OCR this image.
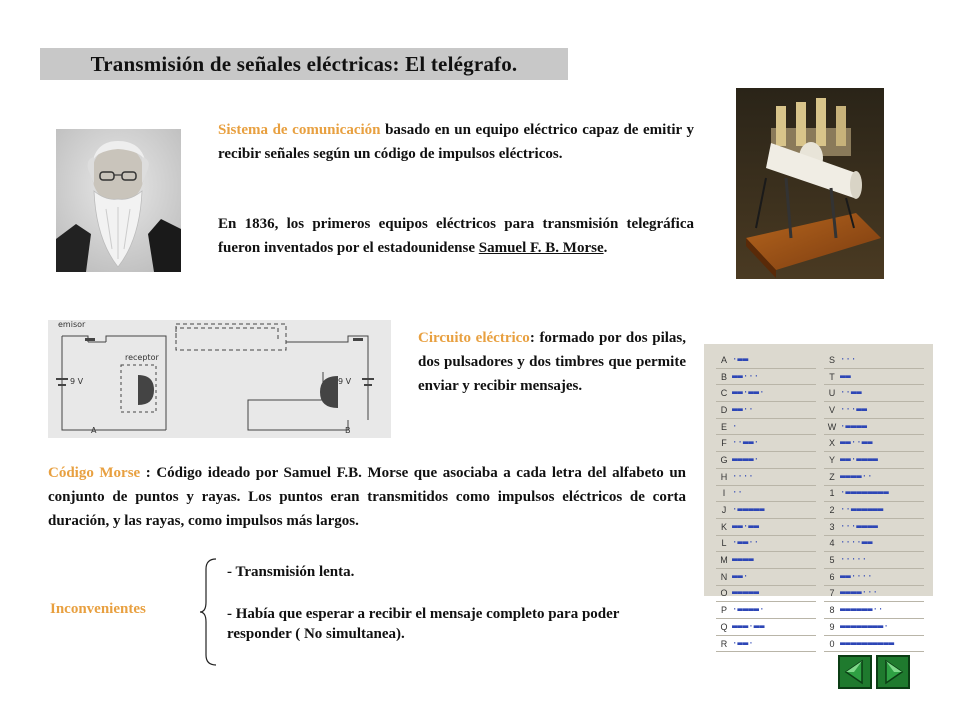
Transmisión de señales eléctricas: El telégrafo.

Sistema de comunicación basado en un equipo eléctrico capaz de emitir y recibir señales según un código de impulsos eléctricos.

En 1836, los primeros equipos eléctricos para transmisión telegráfica fueron inventados por el estadounidense Samuel F. B. Morse.

emisor
receptor
9 V	9 V
A	B

Circuito eléctrico: formado por dos pilas, dos pulsadores y dos timbres que permite enviar y recibir mensajes.

Código Morse : Código ideado por Samuel F.B. Morse que asociaba a cada letra del alfabeto un conjunto de puntos y rayas. Los puntos eran transmitidos como impulsos eléctricos de corta duración, y las rayas, como impulsos más largos.

Inconvenientes

- Transmisión lenta.

- Había que esperar a recibir el mensaje completo para poder responder ( No simultanea).

A ·▬▬
B ▬▬···
C ▬▬·▬▬·
D ▬▬··
E ·
F ··▬▬·
G ▬▬▬▬·
H ····
I ··
J ·▬▬▬▬▬
K ▬▬·▬▬
L ·▬▬··
M ▬▬▬▬
N ▬▬·
O ▬▬▬▬▬
P ·▬▬▬▬·
Q ▬▬▬·▬▬
R ·▬▬·
S ···
T ▬▬
U ··▬▬
V ···▬▬
W ·▬▬▬▬
X ▬▬··▬▬
Y ▬▬·▬▬▬▬
Z ▬▬▬▬··
1 ·▬▬▬▬▬▬▬▬
2 ··▬▬▬▬▬▬
3 ···▬▬▬▬
4 ····▬▬
5 ·····
6 ▬▬····
7 ▬▬▬▬···
8 ▬▬▬▬▬▬··
9 ▬▬▬▬▬▬▬▬·
0 ▬▬▬▬▬▬▬▬▬▬
